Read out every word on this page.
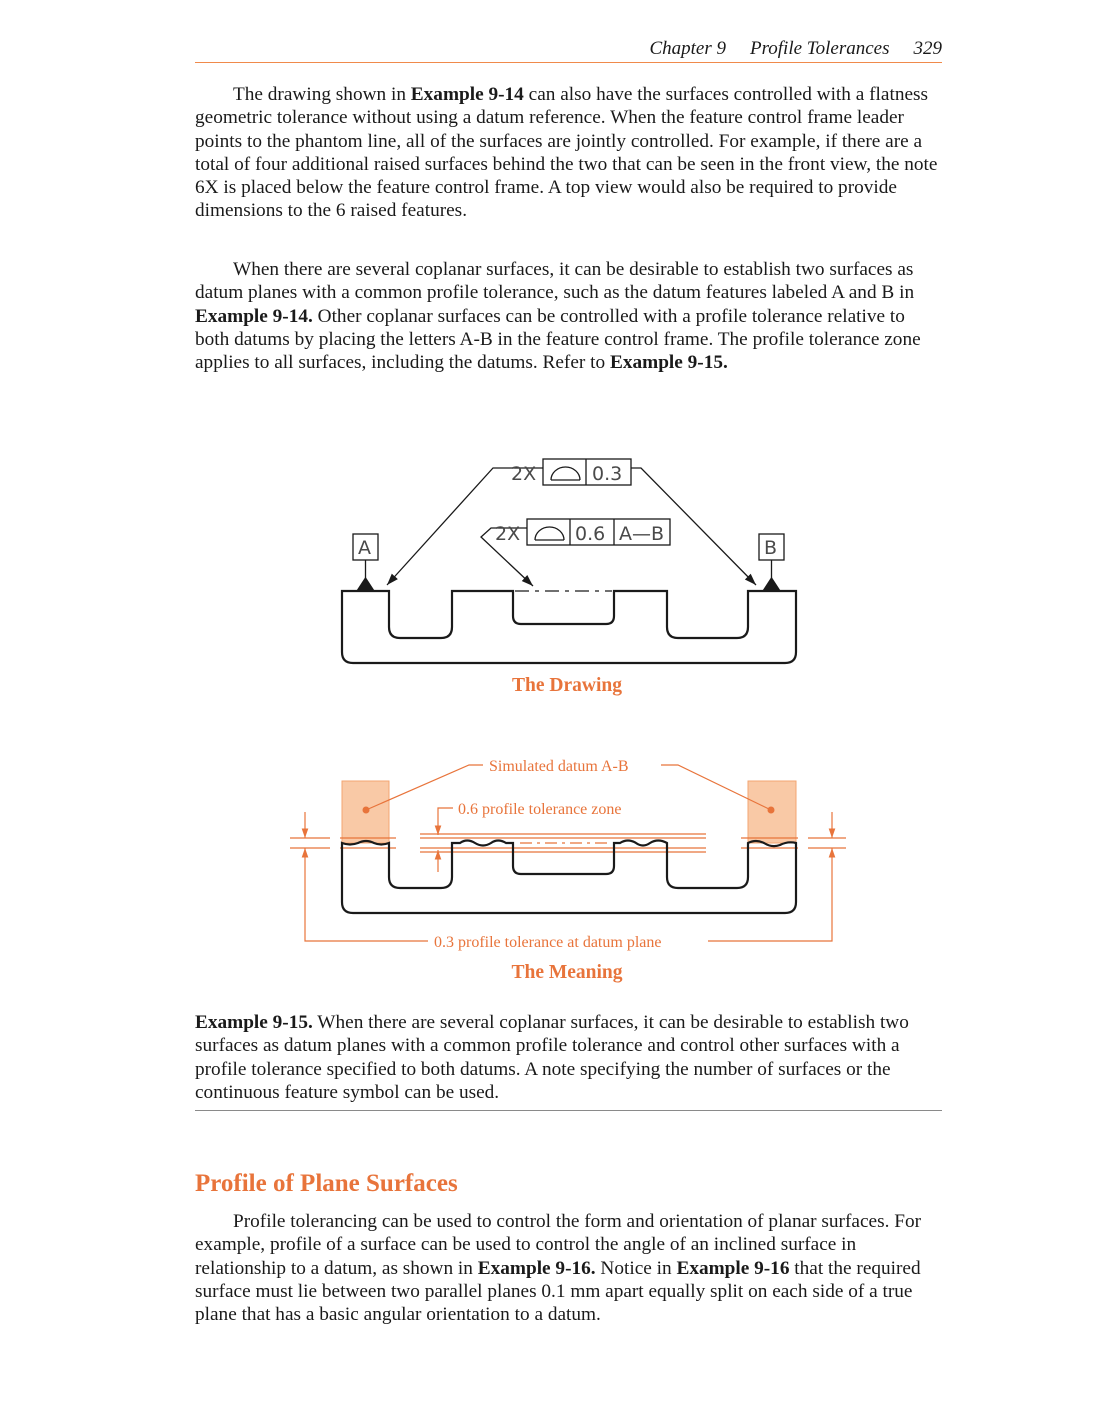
Chapter 9 Profile Tolerances 329

The drawing shown in Example 9-14 can also have the surfaces controlled with a flatness geometric tolerance without using a datum reference. When the feature control frame leader points to the phantom line, all of the surfaces are jointly controlled. For example, if there are a total of four additional raised surfaces behind the two that can be seen in the front view, the note 6X is placed below the feature control frame. A top view would also be required to provide dimensions to the 6 raised features.

When there are several coplanar surfaces, it can be desirable to establish two surfaces as datum planes with a common profile tolerance, such as the datum features labeled A and B in Example 9-14. Other coplanar surfaces can be controlled with a profile tolerance relative to both datums by placing the letters A-B in the feature control frame. The profile tolerance zone applies to all surfaces, including the datums. Refer to Example 9-15.

2X	0.3
2X	0.6 A—B
A	B
Simulated datum A-B
0.6 profile tolerance zone
0.3 profile tolerance at datum plane
The Drawing
The Meaning

Example 9-15. When there are several coplanar surfaces, it can be desirable to establish two surfaces as datum planes with a common profile tolerance and control other surfaces with a profile tolerance specified to both datums. A note specifying the number of surfaces or the continuous feature symbol can be used.

Profile of Plane Surfaces

Profile tolerancing can be used to control the form and orientation of planar surfaces. For example, profile of a surface can be used to control the angle of an inclined surface in relationship to a datum, as shown in Example 9-16. Notice in Example 9-16 that the required surface must lie between two parallel planes 0.1 mm apart equally split on each side of a true plane that has a basic angular orientation to a datum.
